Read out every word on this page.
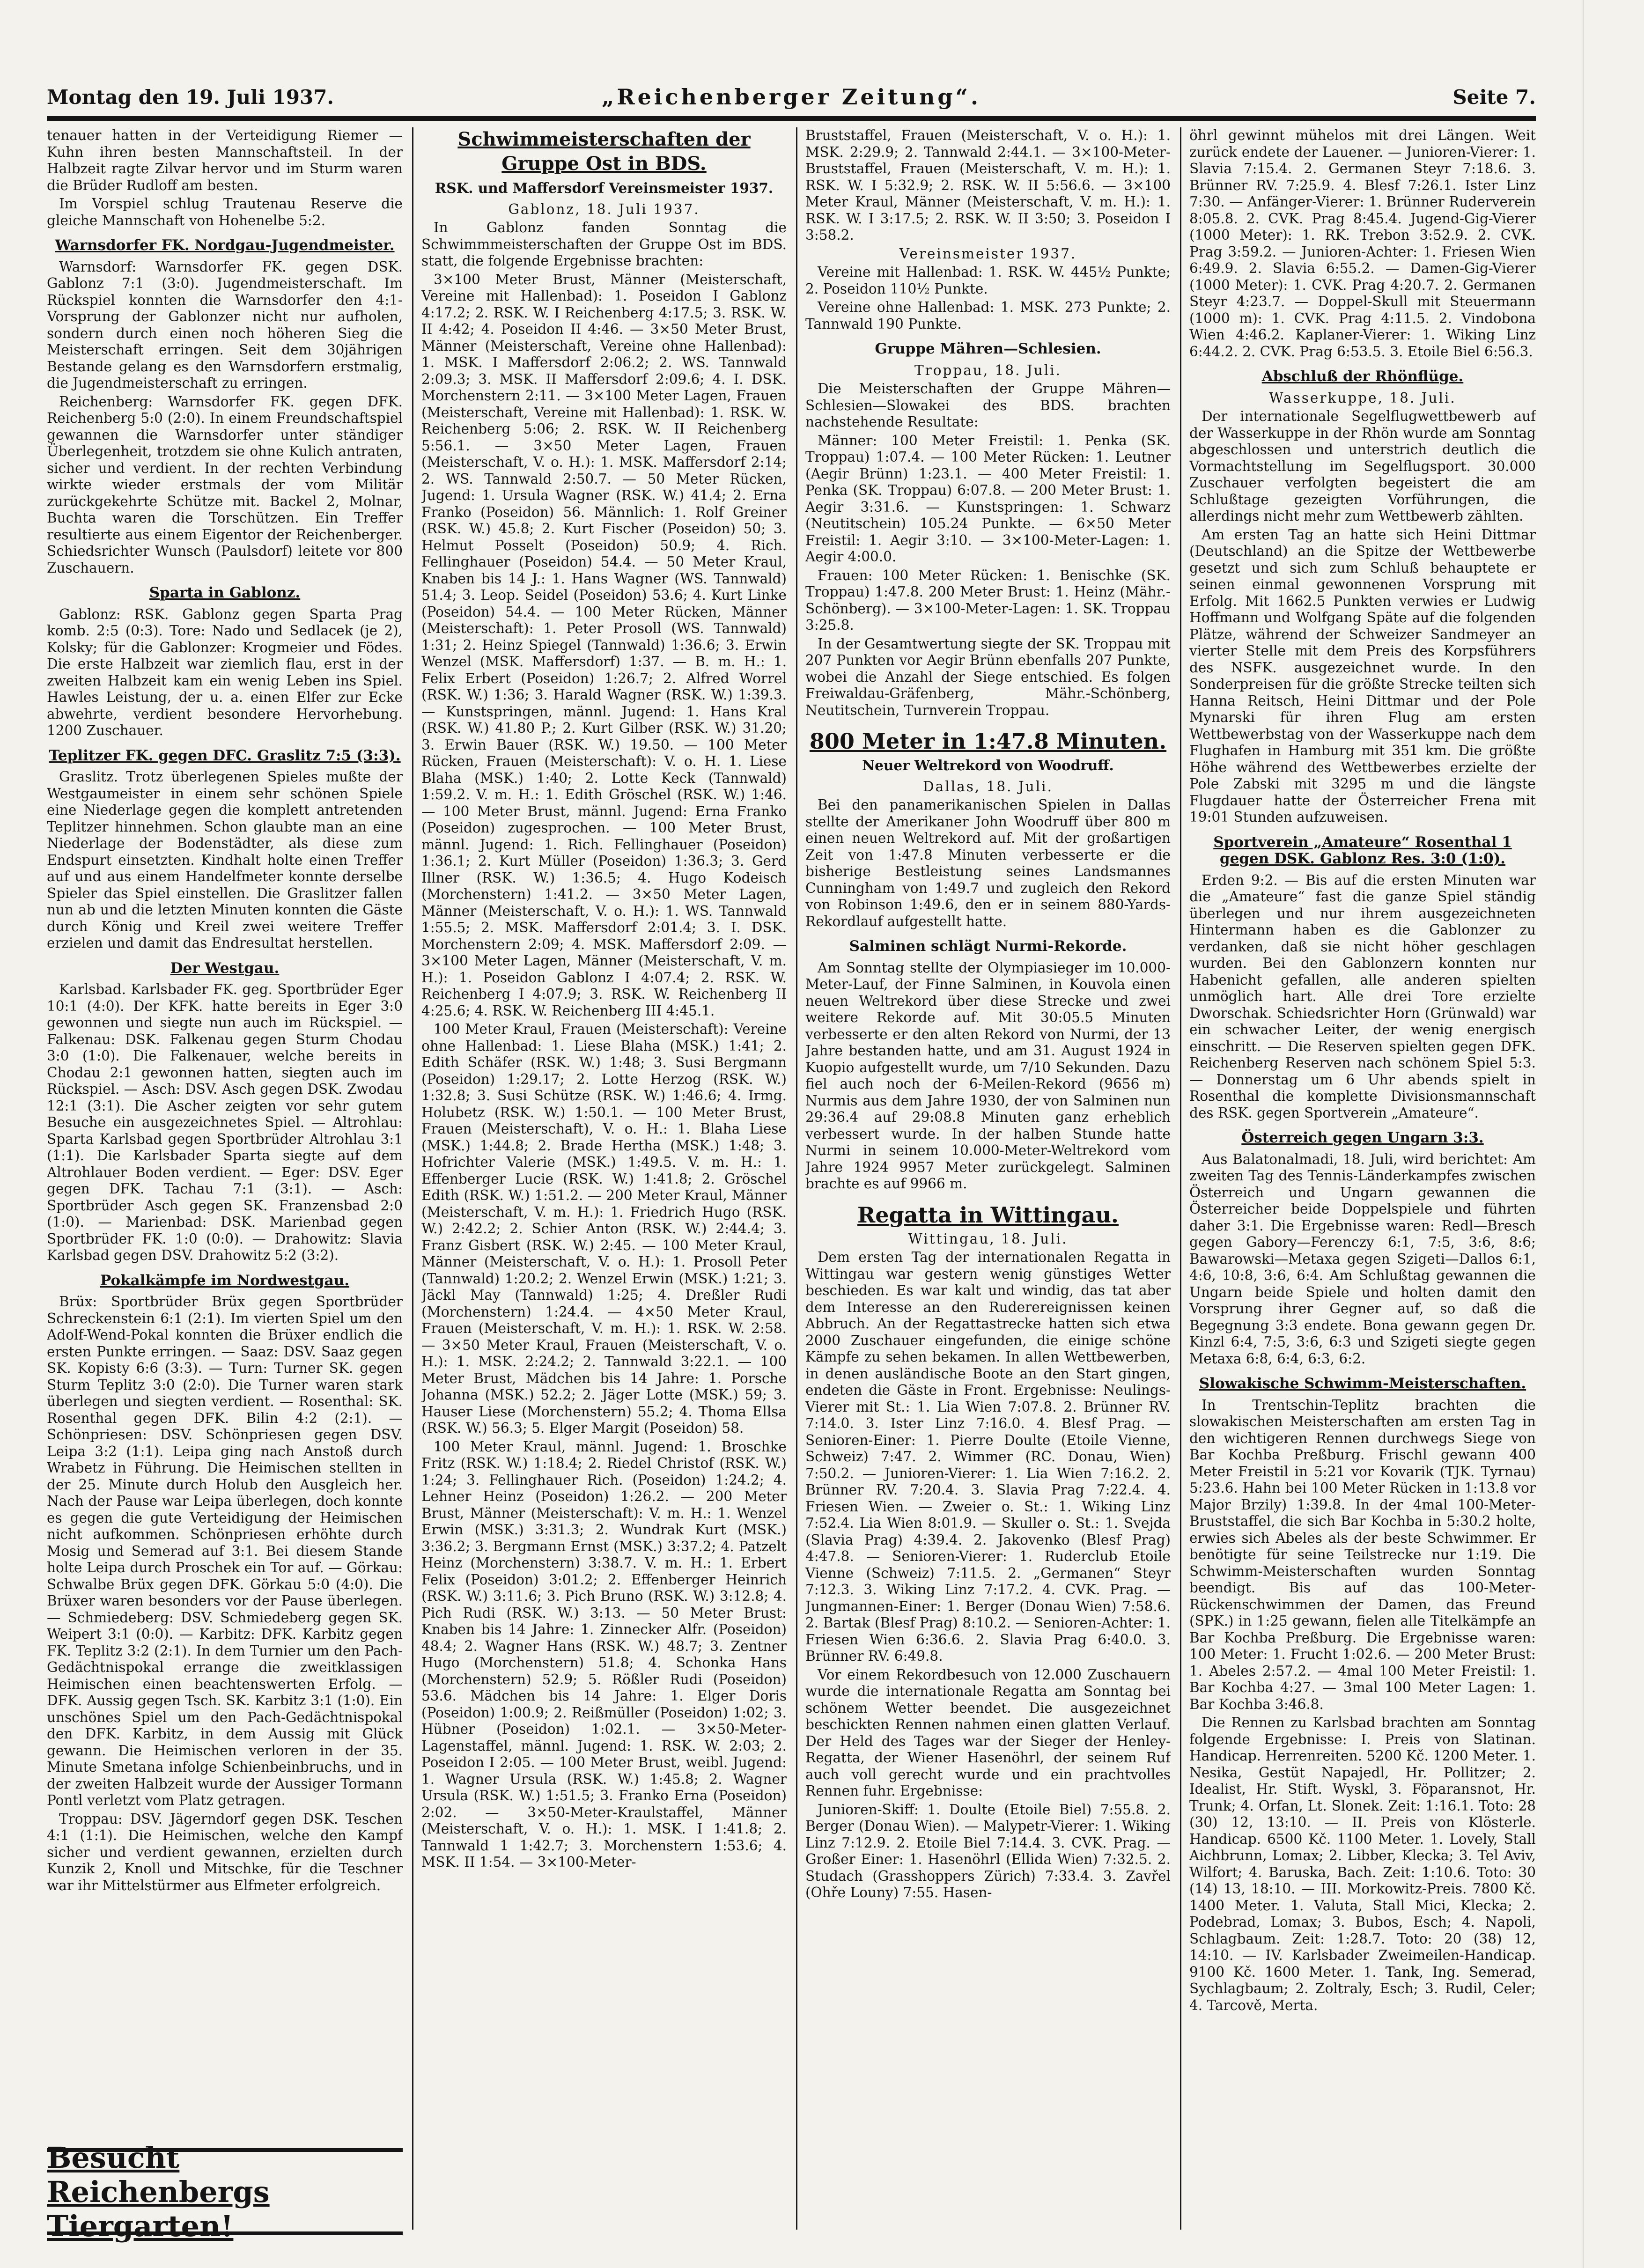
Montag den 19. Juli 1937.	„Reichenberger Zeitung“.	Seite 7.

tenauer hatten in der Verteidigung Riemer — Kuhn ihren besten Mannschaftsteil. In der Halbzeit ragte Zilvar hervor und im Sturm waren die Brüder Rudloff am besten.

Im Vorspiel schlug Trautenau Reserve die gleiche Mannschaft von Hohenelbe 5:2.

Warnsdorfer FK. Nordgau-Jugendmeister.

Warnsdorf: Warnsdorfer FK. gegen DSK. Gablonz 7:1 (3:0). Jugendmeisterschaft. Im Rückspiel konnten die Warnsdorfer den 4:1-Vorsprung der Gablonzer nicht nur aufholen, sondern durch einen noch höheren Sieg die Meisterschaft erringen. Seit dem 30jährigen Bestande gelang es den Warnsdorfern erstmalig, die Jugendmeisterschaft zu erringen.

Reichenberg: Warnsdorfer FK. gegen DFK. Reichenberg 5:0 (2:0). In einem Freundschaftspiel gewannen die Warnsdorfer unter ständiger Überlegenheit, trotzdem sie ohne Kulich antraten, sicher und verdient. In der rechten Verbindung wirkte wieder erstmals der vom Militär zurückgekehrte Schütze mit. Backel 2, Molnar, Buchta waren die Torschützen. Ein Treffer resultierte aus einem Eigentor der Reichenberger. Schiedsrichter Wunsch (Paulsdorf) leitete vor 800 Zuschauern.

Sparta in Gablonz.

Gablonz: RSK. Gablonz gegen Sparta Prag komb. 2:5 (0:3). Tore: Nado und Sedlacek (je 2), Kolsky; für die Gablonzer: Krogmeier und Födes. Die erste Halbzeit war ziemlich flau, erst in der zweiten Halbzeit kam ein wenig Leben ins Spiel. Hawles Leistung, der u. a. einen Elfer zur Ecke abwehrte, verdient besondere Hervorhebung. 1200 Zuschauer.

Teplitzer FK. gegen DFC. Graslitz 7:5 (3:3).

Graslitz. Trotz überlegenen Spieles mußte der Westgaumeister in einem sehr schönen Spiele eine Niederlage gegen die komplett antretenden Teplitzer hinnehmen. Schon glaubte man an eine Niederlage der Bodenstädter, als diese zum Endspurt einsetzten. Kindhalt holte einen Treffer auf und aus einem Handelfmeter konnte derselbe Spieler das Spiel einstellen. Die Graslitzer fallen nun ab und die letzten Minuten konnten die Gäste durch König und Kreil zwei weitere Treffer erzielen und damit das Endresultat herstellen.

Der Westgau.

Karlsbad. Karlsbader FK. geg. Sportbrüder Eger 10:1 (4:0). Der KFK. hatte bereits in Eger 3:0 gewonnen und siegte nun auch im Rückspiel. — Falkenau: DSK. Falkenau gegen Sturm Chodau 3:0 (1:0). Die Falkenauer, welche bereits in Chodau 2:1 gewonnen hatten, siegten auch im Rückspiel. — Asch: DSV. Asch gegen DSK. Zwodau 12:1 (3:1). Die Ascher zeigten vor sehr gutem Besuche ein ausgezeichnetes Spiel. — Altrohlau: Sparta Karlsbad gegen Sportbrüder Altrohlau 3:1 (1:1). Die Karlsbader Sparta siegte auf dem Altrohlauer Boden verdient. — Eger: DSV. Eger gegen DFK. Tachau 7:1 (3:1). — Asch: Sportbrüder Asch gegen SK. Franzensbad 2:0 (1:0). — Marienbad: DSK. Marienbad gegen Sportbrüder FK. 1:0 (0:0). — Drahowitz: Slavia Karlsbad gegen DSV. Drahowitz 5:2 (3:2).

Pokalkämpfe im Nordwestgau.

Brüx: Sportbrüder Brüx gegen Sportbrüder Schreckenstein 6:1 (2:1). Im vierten Spiel um den Adolf-Wend-Pokal konnten die Brüxer endlich die ersten Punkte erringen. — Saaz: DSV. Saaz gegen SK. Kopisty 6:6 (3:3). — Turn: Turner SK. gegen Sturm Teplitz 3:0 (2:0). Die Turner waren stark überlegen und siegten verdient. — Rosenthal: SK. Rosenthal gegen DFK. Bilin 4:2 (2:1). — Schönpriesen: DSV. Schönpriesen gegen DSV. Leipa 3:2 (1:1). Leipa ging nach Anstoß durch Wrabetz in Führung. Die Heimischen stellten in der 25. Minute durch Holub den Ausgleich her. Nach der Pause war Leipa überlegen, doch konnte es gegen die gute Verteidigung der Heimischen nicht aufkommen. Schönpriesen erhöhte durch Mosig und Semerad auf 3:1. Bei diesem Stande holte Leipa durch Proschek ein Tor auf. — Görkau: Schwalbe Brüx gegen DFK. Görkau 5:0 (4:0). Die Brüxer waren besonders vor der Pause überlegen. — Schmiedeberg: DSV. Schmiedeberg gegen SK. Weipert 3:1 (0:0). — Karbitz: DFK. Karbitz gegen FK. Teplitz 3:2 (2:1). In dem Turnier um den Pach-Gedächtnispokal errange die zweitklassigen Heimischen einen beachtenswerten Erfolg. — DFK. Aussig gegen Tsch. SK. Karbitz 3:1 (1:0). Ein unschönes Spiel um den Pach-Gedächtnispokal den DFK. Karbitz, in dem Aussig mit Glück gewann. Die Heimischen verloren in der 35. Minute Smetana infolge Schienbeinbruchs, und in der zweiten Halbzeit wurde der Aussiger Tormann Pontl verletzt vom Platz getragen.

Troppau: DSV. Jägerndorf gegen DSK. Teschen 4:1 (1:1). Die Heimischen, welche den Kampf sicher und verdient gewannen, erzielten durch Kunzik 2, Knoll und Mitschke, für die Teschner war ihr Mittelstürmer aus Elfmeter erfolgreich.

Besucht Reichenbergs Tiergarten!
Schwimmeisterschaften der Gruppe Ost in BDS.
RSK. und Maffersdorf Vereinsmeister 1937.
Gablonz, 18. Juli 1937.

In Gablonz fanden Sonntag die Schwimmmeisterschaften der Gruppe Ost im BDS. statt, die folgende Ergebnisse brachten:

3×100 Meter Brust, Männer (Meisterschaft, Vereine mit Hallenbad): 1. Poseidon I Gablonz 4:17.2; 2. RSK. W. I Reichenberg 4:17.5; 3. RSK. W. II 4:42; 4. Poseidon II 4:46. — 3×50 Meter Brust, Männer (Meisterschaft, Vereine ohne Hallenbad): 1. MSK. I Maffersdorf 2:06.2; 2. WS. Tannwald 2:09.3; 3. MSK. II Maffersdorf 2:09.6; 4. I. DSK. Morchenstern 2:11. — 3×100 Meter Lagen, Frauen (Meisterschaft, Vereine mit Hallenbad): 1. RSK. W. Reichenberg 5:06; 2. RSK. W. II Reichenberg 5:56.1. — 3×50 Meter Lagen, Frauen (Meisterschaft, V. o. H.): 1. MSK. Maffersdorf 2:14; 2. WS. Tannwald 2:50.7. — 50 Meter Rücken, Jugend: 1. Ursula Wagner (RSK. W.) 41.4; 2. Erna Franko (Poseidon) 56. Männlich: 1. Rolf Greiner (RSK. W.) 45.8; 2. Kurt Fischer (Poseidon) 50; 3. Helmut Posselt (Poseidon) 50.9; 4. Rich. Fellinghauer (Poseidon) 54.4. — 50 Meter Kraul, Knaben bis 14 J.: 1. Hans Wagner (WS. Tannwald) 51.4; 3. Leop. Seidel (Poseidon) 53.6; 4. Kurt Linke (Poseidon) 54.4. — 100 Meter Rücken, Männer (Meisterschaft): 1. Peter Prosoll (WS. Tannwald) 1:31; 2. Heinz Spiegel (Tannwald) 1:36.6; 3. Erwin Wenzel (MSK. Maffersdorf) 1:37. — B. m. H.: 1. Felix Erbert (Poseidon) 1:26.7; 2. Alfred Worrel (RSK. W.) 1:36; 3. Harald Wagner (RSK. W.) 1:39.3. — Kunstspringen, männl. Jugend: 1. Hans Kral (RSK. W.) 41.80 P.; 2. Kurt Gilber (RSK. W.) 31.20; 3. Erwin Bauer (RSK. W.) 19.50. — 100 Meter Rücken, Frauen (Meisterschaft): V. o. H. 1. Liese Blaha (MSK.) 1:40; 2. Lotte Keck (Tannwald) 1:59.2. V. m. H.: 1. Edith Gröschel (RSK. W.) 1:46. — 100 Meter Brust, männl. Jugend: Erna Franko (Poseidon) zugesprochen. — 100 Meter Brust, männl. Jugend: 1. Rich. Fellinghauer (Poseidon) 1:36.1; 2. Kurt Müller (Poseidon) 1:36.3; 3. Gerd Illner (RSK. W.) 1:36.5; 4. Hugo Kodeisch (Morchenstern) 1:41.2. — 3×50 Meter Lagen, Männer (Meisterschaft, V. o. H.): 1. WS. Tannwald 1:55.5; 2. MSK. Maffersdorf 2:01.4; 3. I. DSK. Morchenstern 2:09; 4. MSK. Maffersdorf 2:09. — 3×100 Meter Lagen, Männer (Meisterschaft, V. m. H.): 1. Poseidon Gablonz I 4:07.4; 2. RSK. W. Reichenberg I 4:07.9; 3. RSK. W. Reichenberg II 4:25.6; 4. RSK. W. Reichenberg III 4:45.1.

100 Meter Kraul, Frauen (Meisterschaft): Vereine ohne Hallenbad: 1. Liese Blaha (MSK.) 1:41; 2. Edith Schäfer (RSK. W.) 1:48; 3. Susi Bergmann (Poseidon) 1:29.17; 2. Lotte Herzog (RSK. W.) 1:32.8; 3. Susi Schütze (RSK. W.) 1:46.6; 4. Irmg. Holubetz (RSK. W.) 1:50.1. — 100 Meter Brust, Frauen (Meisterschaft), V. o. H.: 1. Blaha Liese (MSK.) 1:44.8; 2. Brade Hertha (MSK.) 1:48; 3. Hofrichter Valerie (MSK.) 1:49.5. V. m. H.: 1. Effenberger Lucie (RSK. W.) 1:41.8; 2. Gröschel Edith (RSK. W.) 1:51.2. — 200 Meter Kraul, Männer (Meisterschaft, V. m. H.): 1. Friedrich Hugo (RSK. W.) 2:42.2; 2. Schier Anton (RSK. W.) 2:44.4; 3. Franz Gisbert (RSK. W.) 2:45. — 100 Meter Kraul, Männer (Meisterschaft, V. o. H.): 1. Prosoll Peter (Tannwald) 1:20.2; 2. Wenzel Erwin (MSK.) 1:21; 3. Jäckl May (Tannwald) 1:25; 4. Dreßler Rudi (Morchenstern) 1:24.4. — 4×50 Meter Kraul, Frauen (Meisterschaft, V. m. H.): 1. RSK. W. 2:58. — 3×50 Meter Kraul, Frauen (Meisterschaft, V. o. H.): 1. MSK. 2:24.2; 2. Tannwald 3:22.1. — 100 Meter Brust, Mädchen bis 14 Jahre: 1. Porsche Johanna (MSK.) 52.2; 2. Jäger Lotte (MSK.) 59; 3. Hauser Liese (Morchenstern) 55.2; 4. Thoma Ellsa (RSK. W.) 56.3; 5. Elger Margit (Poseidon) 58.

100 Meter Kraul, männl. Jugend: 1. Broschke Fritz (RSK. W.) 1:18.4; 2. Riedel Christof (RSK. W.) 1:24; 3. Fellinghauer Rich. (Poseidon) 1:24.2; 4. Lehner Heinz (Poseidon) 1:26.2. — 200 Meter Brust, Männer (Meisterschaft): V. m. H.: 1. Wenzel Erwin (MSK.) 3:31.3; 2. Wundrak Kurt (MSK.) 3:36.2; 3. Bergmann Ernst (MSK.) 3:37.2; 4. Patzelt Heinz (Morchenstern) 3:38.7. V. m. H.: 1. Erbert Felix (Poseidon) 3:01.2; 2. Effenberger Heinrich (RSK. W.) 3:11.6; 3. Pich Bruno (RSK. W.) 3:12.8; 4. Pich Rudi (RSK. W.) 3:13. — 50 Meter Brust: Knaben bis 14 Jahre: 1. Zinnecker Alfr. (Poseidon) 48.4; 2. Wagner Hans (RSK. W.) 48.7; 3. Zentner Hugo (Morchenstern) 51.8; 4. Schonka Hans (Morchenstern) 52.9; 5. Rößler Rudi (Poseidon) 53.6. Mädchen bis 14 Jahre: 1. Elger Doris (Poseidon) 1:00.9; 2. Reißmüller (Poseidon) 1:02; 3. Hübner (Poseidon) 1:02.1. — 3×50-Meter-Lagenstaffel, männl. Jugend: 1. RSK. W. 2:03; 2. Poseidon I 2:05. — 100 Meter Brust, weibl. Jugend: 1. Wagner Ursula (RSK. W.) 1:45.8; 2. Wagner Ursula (RSK. W.) 1:51.5; 3. Franko Erna (Poseidon) 2:02. — 3×50-Meter-Kraulstaffel, Männer (Meisterschaft, V. o. H.): 1. MSK. I 1:41.8; 2. Tannwald 1 1:42.7; 3. Morchenstern 1:53.6; 4. MSK. II 1:54. — 3×100-Meter-

Bruststaffel, Frauen (Meisterschaft, V. o. H.): 1. MSK. 2:29.9; 2. Tannwald 2:44.1. — 3×100-Meter-Bruststaffel, Frauen (Meisterschaft, V. m. H.): 1. RSK. W. I 5:32.9; 2. RSK. W. II 5:56.6. — 3×100 Meter Kraul, Männer (Meisterschaft, V. m. H.): 1. RSK. W. I 3:17.5; 2. RSK. W. II 3:50; 3. Poseidon I 3:58.2.

Vereinsmeister 1937.

Vereine mit Hallenbad: 1. RSK. W. 445½ Punkte; 2. Poseidon 110½ Punkte.

Vereine ohne Hallenbad: 1. MSK. 273 Punkte; 2. Tannwald 190 Punkte.

Gruppe Mähren—Schlesien.
Troppau, 18. Juli.

Die Meisterschaften der Gruppe Mähren—Schlesien—Slowakei des BDS. brachten nachstehende Resultate:

Männer: 100 Meter Freistil: 1. Penka (SK. Troppau) 1:07.4. — 100 Meter Rücken: 1. Leutner (Aegir Brünn) 1:23.1. — 400 Meter Freistil: 1. Penka (SK. Troppau) 6:07.8. — 200 Meter Brust: 1. Aegir 3:31.6. — Kunstspringen: 1. Schwarz (Neutitschein) 105.24 Punkte. — 6×50 Meter Freistil: 1. Aegir 3:10. — 3×100-Meter-Lagen: 1. Aegir 4:00.0.

Frauen: 100 Meter Rücken: 1. Benischke (SK. Troppau) 1:47.8. 200 Meter Brust: 1. Heinz (Mähr.-Schönberg). — 3×100-Meter-Lagen: 1. SK. Troppau 3:25.8.

In der Gesamtwertung siegte der SK. Troppau mit 207 Punkten vor Aegir Brünn ebenfalls 207 Punkte, wobei die Anzahl der Siege entschied. Es folgen Freiwaldau-Gräfenberg, Mähr.-Schönberg, Neutitschein, Turnverein Troppau.

800 Meter in 1:47.8 Minuten.
Neuer Weltrekord von Woodruff.
Dallas, 18. Juli.

Bei den panamerikanischen Spielen in Dallas stellte der Amerikaner John Woodruff über 800 m einen neuen Weltrekord auf. Mit der großartigen Zeit von 1:47.8 Minuten verbesserte er die bisherige Bestleistung seines Landsmannes Cunningham von 1:49.7 und zugleich den Rekord von Robinson 1:49.6, den er in seinem 880-Yards-Rekordlauf aufgestellt hatte.

Salminen schlägt Nurmi-Rekorde.

Am Sonntag stellte der Olympiasieger im 10.000-Meter-Lauf, der Finne Salminen, in Kouvola einen neuen Weltrekord über diese Strecke und zwei weitere Rekorde auf. Mit 30:05.5 Minuten verbesserte er den alten Rekord von Nurmi, der 13 Jahre bestanden hatte, und am 31. August 1924 in Kuopio aufgestellt wurde, um 7/10 Sekunden. Dazu fiel auch noch der 6-Meilen-Rekord (9656 m) Nurmis aus dem Jahre 1930, der von Salminen nun 29:36.4 auf 29:08.8 Minuten ganz erheblich verbessert wurde. In der halben Stunde hatte Nurmi in seinem 10.000-Meter-Weltrekord vom Jahre 1924 9957 Meter zurückgelegt. Salminen brachte es auf 9966 m.

Regatta in Wittingau.
Wittingau, 18. Juli.

Dem ersten Tag der internationalen Regatta in Wittingau war gestern wenig günstiges Wetter beschieden. Es war kalt und windig, das tat aber dem Interesse an den Ruderereignissen keinen Abbruch. An der Regattastrecke hatten sich etwa 2000 Zuschauer eingefunden, die einige schöne Kämpfe zu sehen bekamen. In allen Wettbewerben, in denen ausländische Boote an den Start gingen, endeten die Gäste in Front. Ergebnisse: Neulings-Vierer mit St.: 1. Lia Wien 7:07.8. 2. Brünner RV. 7:14.0. 3. Ister Linz 7:16.0. 4. Blesf Prag. — Senioren-Einer: 1. Pierre Doulte (Etoile Vienne, Schweiz) 7:47. 2. Wimmer (RC. Donau, Wien) 7:50.2. — Junioren-Vierer: 1. Lia Wien 7:16.2. 2. Brünner RV. 7:20.4. 3. Slavia Prag 7:22.4. 4. Friesen Wien. — Zweier o. St.: 1. Wiking Linz 7:52.4. Lia Wien 8:01.9. — Skuller o. St.: 1. Svejda (Slavia Prag) 4:39.4. 2. Jakovenko (Blesf Prag) 4:47.8. — Senioren-Vierer: 1. Ruderclub Etoile Vienne (Schweiz) 7:11.5. 2. „Germanen“ Steyr 7:12.3. 3. Wiking Linz 7:17.2. 4. CVK. Prag. — Jungmannen-Einer: 1. Berger (Donau Wien) 7:58.6. 2. Bartak (Blesf Prag) 8:10.2. — Senioren-Achter: 1. Friesen Wien 6:36.6. 2. Slavia Prag 6:40.0. 3. Brünner RV. 6:49.8.

Vor einem Rekordbesuch von 12.000 Zuschauern wurde die internationale Regatta am Sonntag bei schönem Wetter beendet. Die ausgezeichnet beschickten Rennen nahmen einen glatten Verlauf. Der Held des Tages war der Sieger der Henley-Regatta, der Wiener Hasenöhrl, der seinem Ruf auch voll gerecht wurde und ein prachtvolles Rennen fuhr. Ergebnisse:

Junioren-Skiff: 1. Doulte (Etoile Biel) 7:55.8. 2. Berger (Donau Wien). — Malypetr-Vierer: 1. Wiking Linz 7:12.9. 2. Etoile Biel 7:14.4. 3. CVK. Prag. — Großer Einer: 1. Hasenöhrl (Ellida Wien) 7:32.5. 2. Studach (Grasshoppers Zürich) 7:33.4. 3. Zavřel (Ohře Louny) 7:55. Hasen-

öhrl gewinnt mühelos mit drei Längen. Weit zurück endete der Lauener. — Junioren-Vierer: 1. Slavia 7:15.4. 2. Germanen Steyr 7:18.6. 3. Brünner RV. 7:25.9. 4. Blesf 7:26.1. Ister Linz 7:30. — Anfänger-Vierer: 1. Brünner Ruderverein 8:05.8. 2. CVK. Prag 8:45.4. Jugend-Gig-Vierer (1000 Meter): 1. RK. Trebon 3:52.9. 2. CVK. Prag 3:59.2. — Junioren-Achter: 1. Friesen Wien 6:49.9. 2. Slavia 6:55.2. — Damen-Gig-Vierer (1000 Meter): 1. CVK. Prag 4:20.7. 2. Germanen Steyr 4:23.7. — Doppel-Skull mit Steuermann (1000 m): 1. CVK. Prag 4:11.5. 2. Vindobona Wien 4:46.2. Kaplaner-Vierer: 1. Wiking Linz 6:44.2. 2. CVK. Prag 6:53.5. 3. Etoile Biel 6:56.3.

Abschluß der Rhönflüge.
Wasserkuppe, 18. Juli.

Der internationale Segelflugwettbewerb auf der Wasserkuppe in der Rhön wurde am Sonntag abgeschlossen und unterstrich deutlich die Vormachtstellung im Segelflugsport. 30.000 Zuschauer verfolgten begeistert die am Schlußtage gezeigten Vorführungen, die allerdings nicht mehr zum Wettbewerb zählten.

Am ersten Tag an hatte sich Heini Dittmar (Deutschland) an die Spitze der Wettbewerbe gesetzt und sich zum Schluß behauptete er seinen einmal gewonnenen Vorsprung mit Erfolg. Mit 1662.5 Punkten verwies er Ludwig Hoffmann und Wolfgang Späte auf die folgenden Plätze, während der Schweizer Sandmeyer an vierter Stelle mit dem Preis des Korpsführers des NSFK. ausgezeichnet wurde. In den Sonderpreisen für die größte Strecke teilten sich Hanna Reitsch, Heini Dittmar und der Pole Mynarski für ihren Flug am ersten Wettbewerbstag von der Wasserkuppe nach dem Flughafen in Hamburg mit 351 km. Die größte Höhe während des Wettbewerbes erzielte der Pole Zabski mit 3295 m und die längste Flugdauer hatte der Österreicher Frena mit 19:01 Stunden aufzuweisen.

Sportverein „Amateure“ Rosenthal 1 gegen DSK. Gablonz Res. 3:0 (1:0).

Erden 9:2. — Bis auf die ersten Minuten war die „Amateure“ fast die ganze Spiel ständig überlegen und nur ihrem ausgezeichneten Hintermann haben es die Gablonzer zu verdanken, daß sie nicht höher geschlagen wurden. Bei den Gablonzern konnten nur Habenicht gefallen, alle anderen spielten unmöglich hart. Alle drei Tore erzielte Dworschak. Schiedsrichter Horn (Grünwald) war ein schwacher Leiter, der wenig energisch einschritt. — Die Reserven spielten gegen DFK. Reichenberg Reserven nach schönem Spiel 5:3. — Donnerstag um 6 Uhr abends spielt in Rosenthal die komplette Divisionsmannschaft des RSK. gegen Sportverein „Amateure“.

Österreich gegen Ungarn 3:3.

Aus Balatonalmadi, 18. Juli, wird berichtet: Am zweiten Tag des Tennis-Länderkampfes zwischen Österreich und Ungarn gewannen die Österreicher beide Doppelspiele und führten daher 3:1. Die Ergebnisse waren: Redl—Bresch gegen Gabory—Ferenczy 6:1, 7:5, 3:6, 8:6; Bawarowski—Metaxa gegen Szigeti—Dallos 6:1, 4:6, 10:8, 3:6, 6:4. Am Schlußtag gewannen die Ungarn beide Spiele und holten damit den Vorsprung ihrer Gegner auf, so daß die Begegnung 3:3 endete. Bona gewann gegen Dr. Kinzl 6:4, 7:5, 3:6, 6:3 und Szigeti siegte gegen Metaxa 6:8, 6:4, 6:3, 6:2.

Slowakische Schwimm-Meisterschaften.

In Trentschin-Teplitz brachten die slowakischen Meisterschaften am ersten Tag in den wichtigeren Rennen durchwegs Siege von Bar Kochba Preßburg. Frischl gewann 400 Meter Freistil in 5:21 vor Kovarik (TJK. Tyrnau) 5:23.6. Hahn bei 100 Meter Rücken in 1:13.8 vor Major Brzily) 1:39.8. In der 4mal 100-Meter-Bruststaffel, die sich Bar Kochba in 5:30.2 holte, erwies sich Abeles als der beste Schwimmer. Er benötigte für seine Teilstrecke nur 1:19. Die Schwimm-Meisterschaften wurden Sonntag beendigt. Bis auf das 100-Meter-Rückenschwimmen der Damen, das Freund (SPK.) in 1:25 gewann, fielen alle Titelkämpfe an Bar Kochba Preßburg. Die Ergebnisse waren: 100 Meter: 1. Frucht 1:02.6. — 200 Meter Brust: 1. Abeles 2:57.2. — 4mal 100 Meter Freistil: 1. Bar Kochba 4:27. — 3mal 100 Meter Lagen: 1. Bar Kochba 3:46.8.

Die Rennen zu Karlsbad brachten am Sonntag folgende Ergebnisse: I. Preis von Slatinan. Handicap. Herrenreiten. 5200 Kč. 1200 Meter. 1. Nesika, Gestüt Napajedl, Hr. Pollitzer; 2. Idealist, Hr. Stift. Wyskl, 3. Föparansnot, Hr. Trunk; 4. Orfan, Lt. Slonek. Zeit: 1:16.1. Toto: 28 (30) 12, 13:10. — II. Preis von Klösterle. Handicap. 6500 Kč. 1100 Meter. 1. Lovely, Stall Aichbrunn, Lomax; 2. Libber, Klecka; 3. Tel Aviv, Wilfort; 4. Baruska, Bach. Zeit: 1:10.6. Toto: 30 (14) 13, 18:10. — III. Morkowitz-Preis. 7800 Kč. 1400 Meter. 1. Valuta, Stall Mici, Klecka; 2. Podebrad, Lomax; 3. Bubos, Esch; 4. Napoli, Schlagbaum. Zeit: 1:28.7. Toto: 20 (38) 12, 14:10. — IV. Karlsbader Zweimeilen-Handicap. 9100 Kč. 1600 Meter. 1. Tank, Ing. Semerad, Sychlagbaum; 2. Zoltraly, Esch; 3. Rudil, Celer; 4. Tarcově, Merta.
